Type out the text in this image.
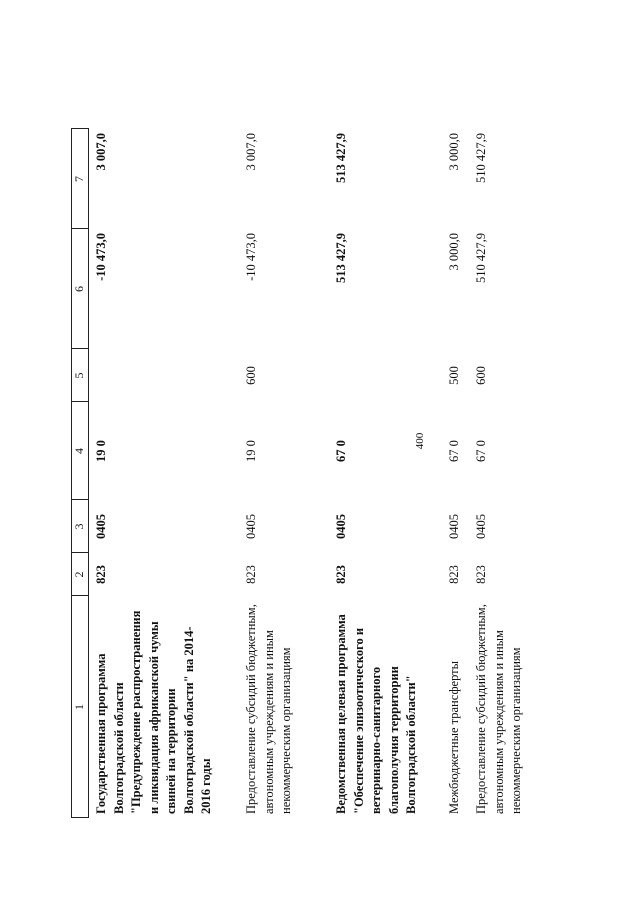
400
1
2
3
4
5
6
7
Государственная программа Волгоградской области "Предупреждение распространения и ликвидация африканской чумы свиней на территории Волгоградской области" на 2014-2016 годы
823
0405
19 0
-10 473,0
3 007,0
Предоставление субсидий бюджетным, автономным учреждениям и иным некоммерческим организациям
823
0405
19 0
600
-10 473,0
3 007,0
Ведомственная целевая программа "Обеспечение эпизоотического и ветеринарно-санитарного благополучия территории Волгоградской области"
823
0405
67 0
513 427,9
513 427,9
Межбюджетные трансферты
823
0405
67 0
500
3 000,0
3 000,0
Предоставление субсидий бюджетным, автономным учреждениям и иным некоммерческим организациям
823
0405
67 0
600
510 427,9
510 427,9
